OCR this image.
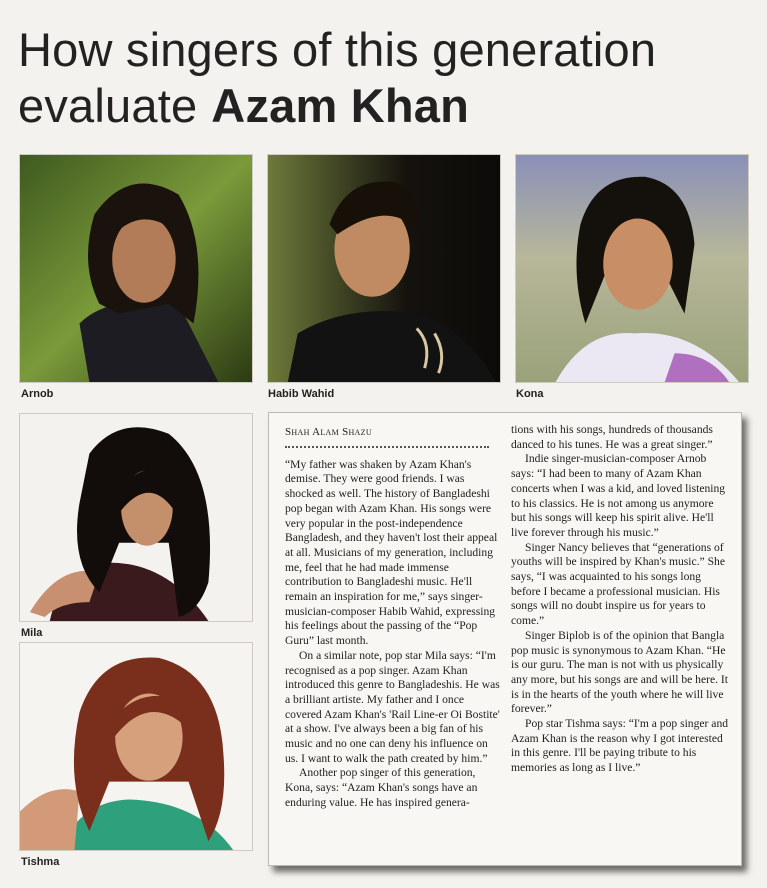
How singers of this generation
evaluate Azam Khan
Arnob	Habib Wahid	Kona
Mila
Tishma
Shah Alam Shazu

“My father was shaken by Azam Khan's demise. They were good friends. I was shocked as well. The history of Bangladeshi pop began with Azam Khan. His songs were very popular in the post-independence Bangladesh, and they haven't lost their appeal at all. Musicians of my generation, including me, feel that he had made immense contribution to Bangladeshi music. He'll remain an inspiration for me,” says singer-musician-composer Habib Wahid, expressing his feelings about the passing of the “Pop Guru” last month.

On a similar note, pop star Mila says: “I'm recognised as a pop singer. Azam Khan introduced this genre to Bangladeshis. He was a brilliant artiste. My father and I once covered Azam Khan's 'Rail Line-er Oi Bostite' at a show. I've always been a big fan of his music and no one can deny his influence on us. I want to walk the path created by him.”

Another pop singer of this generation, Kona, says: “Azam Khan's songs have an enduring value. He has inspired genera-

tions with his songs, hundreds of thousands danced to his tunes. He was a great singer.”

Indie singer-musician-composer Arnob says: “I had been to many of Azam Khan concerts when I was a kid, and loved listening to his classics. He is not among us anymore but his songs will keep his spirit alive. He'll live forever through his music.”

Singer Nancy believes that “generations of youths will be inspired by Khan's music.” She says, “I was acquainted to his songs long before I became a professional musician. His songs will no doubt inspire us for years to come.”

Singer Biplob is of the opinion that Bangla pop music is synonymous to Azam Khan. “He is our guru. The man is not with us physically any more, but his songs are and will be here. It is in the hearts of the youth where he will live forever.”

Pop star Tishma says: “I'm a pop singer and Azam Khan is the reason why I got interested in this genre. I'll be paying tribute to his memories as long as I live.”
